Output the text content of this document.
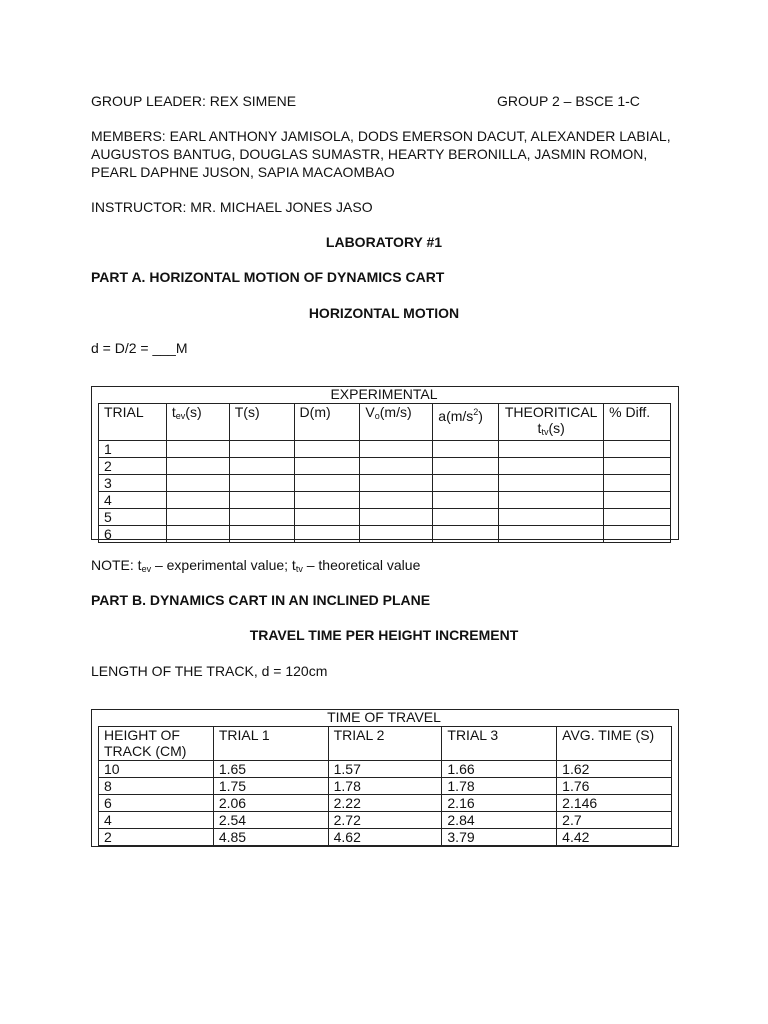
GROUP LEADER: REX SIMENE	GROUP 2 – BSCE 1-C
MEMBERS: EARL ANTHONY JAMISOLA, DODS EMERSON DACUT, ALEXANDER LABIAL,
AUGUSTOS BANTUG, DOUGLAS SUMASTR, HEARTY BERONILLA, JASMIN ROMON,
PEARL DAPHNE JUSON, SAPIA MACAOMBAO
INSTRUCTOR: MR. MICHAEL JONES JASO
LABORATORY #1
PART A. HORIZONTAL MOTION OF DYNAMICS CART
HORIZONTAL MOTION
d = D/2 = ___M
EXPERIMENTAL
TRIAL	$t_{ev}(s)$	T(s)	D(m)	$V_o(m/s)$	$a(m/s^2)$	THEORITICAL
$t_{tv}(s)$	% Diff.
1							
2							
3							
4							
5							
6							
NOTE: $t_{ev}$ – experimental value; $t_{tv}$ – theoretical value
PART B. DYNAMICS CART IN AN INCLINED PLANE
TRAVEL TIME PER HEIGHT INCREMENT
LENGTH OF THE TRACK, d = 120cm
TIME OF TRAVEL
HEIGHT OF
TRACK (CM)	TRIAL 1	TRIAL 2	TRIAL 3	AVG. TIME (S)
10	1.65	1.57	1.66	1.62
8	1.75	1.78	1.78	1.76
6	2.06	2.22	2.16	2.146
4	2.54	2.72	2.84	2.7
2	4.85	4.62	3.79	4.42
